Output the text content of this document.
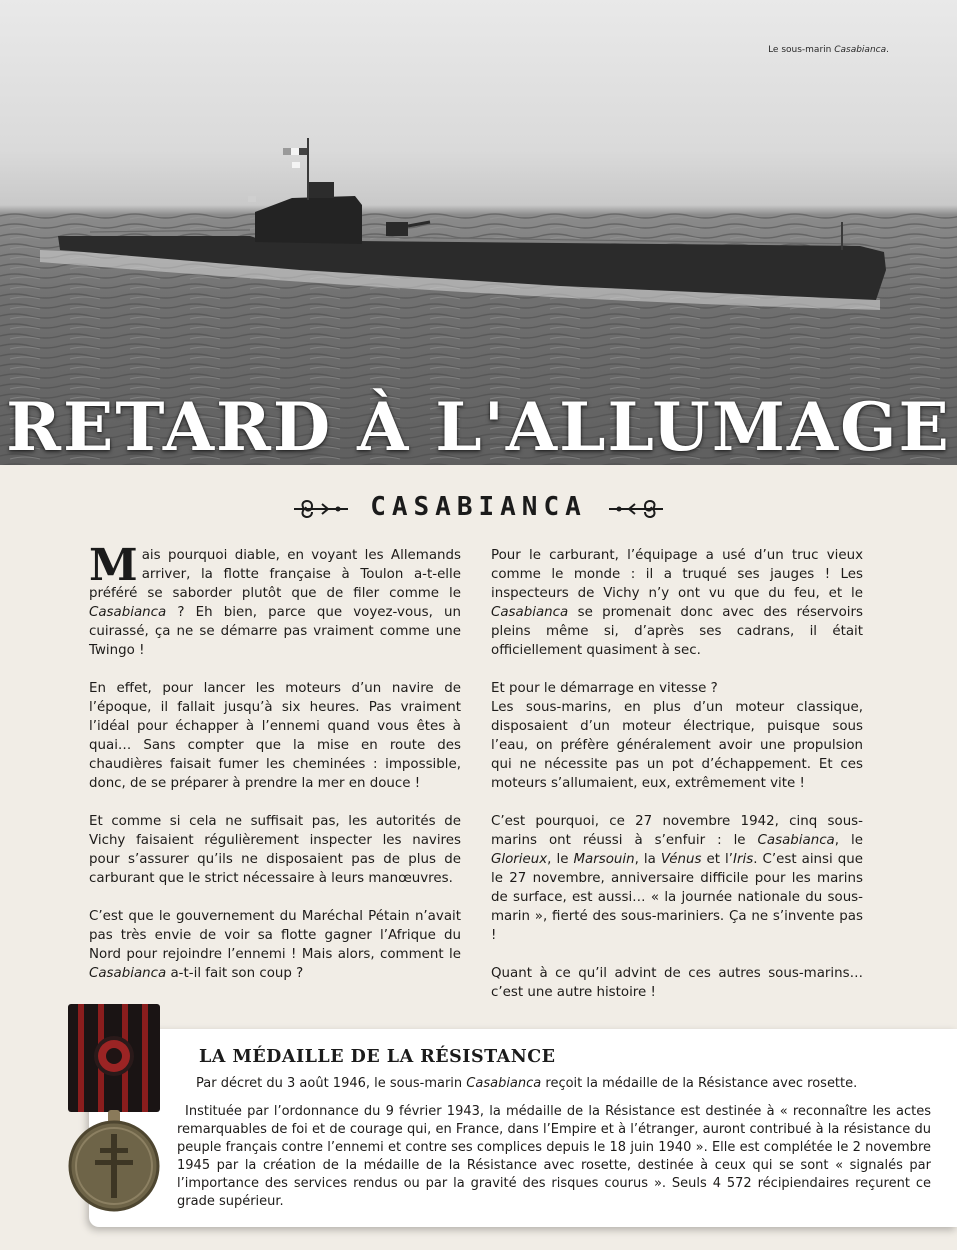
Le sous-marin Casabianca.
RETARD À L'ALLUMAGE
CASABIANCA

Mais pourquoi diable, en voyant les Allemands arriver, la flotte française à Toulon a-t-elle préféré se saborder plutôt que de filer comme le Casabianca ? Eh bien, parce que voyez-vous, un cuirassé, ça ne se démarre pas vraiment comme une Twingo !

En effet, pour lancer les moteurs d’un navire de l’époque, il fallait jusqu’à six heures. Pas vraiment l’idéal pour échapper à l’ennemi quand vous êtes à quai… Sans compter que la mise en route des chaudières faisait fumer les cheminées : impossible, donc, de se préparer à prendre la mer en douce !

Et comme si cela ne suffisait pas, les autorités de Vichy faisaient régulièrement inspecter les navires pour s’assurer qu’ils ne disposaient pas de plus de carburant que le strict nécessaire à leurs manœuvres.

C’est que le gouvernement du Maréchal Pétain n’avait pas très envie de voir sa flotte gagner l’Afrique du Nord pour rejoindre l’ennemi ! Mais alors, comment le Casabianca a-t-il fait son coup ?

Pour le carburant, l’équipage a usé d’un truc vieux comme le monde : il a truqué ses jauges ! Les inspecteurs de Vichy n’y ont vu que du feu, et le Casabianca se promenait donc avec des réservoirs pleins même si, d’après ses cadrans, il était officiellement quasiment à sec.

Et pour le démarrage en vitesse ?
Les sous-marins, en plus d’un moteur classique, disposaient d’un moteur électrique, puisque sous l’eau, on préfère généralement avoir une propulsion qui ne nécessite pas un pot d’échappement. Et ces moteurs s’allumaient, eux, extrêmement vite !

C’est pourquoi, ce 27 novembre 1942, cinq sous-marins ont réussi à s’enfuir : le Casabianca, le Glorieux, le Marsouin, la Vénus et l’Iris. C’est ainsi que le 27 novembre, anniversaire difficile pour les marins de surface, est aussi… « la journée nationale du sous-marin », fierté des sous-mariniers. Ça ne s’invente pas !

Quant à ce qu’il advint de ces autres sous-marins… c’est une autre histoire !

LA MÉDAILLE DE LA RÉSISTANCE
Par décret du 3 août 1946, le sous-marin Casabianca reçoit la médaille de la Résistance avec rosette.
Instituée par l’ordonnance du 9 février 1943, la médaille de la Résistance est destinée à « reconnaître les actes remarquables de foi et de courage qui, en France, dans l’Empire et à l’étranger, auront contribué à la résistance du peuple français contre l’ennemi et contre ses complices depuis le 18 juin 1940 ». Elle est complétée le 2 novembre 1945 par la création de la médaille de la Résistance avec rosette, destinée à ceux qui se sont « signalés par l’importance des services rendus ou par la gravité des risques courus ». Seuls 4 572 récipiendaires reçurent ce grade supérieur.
